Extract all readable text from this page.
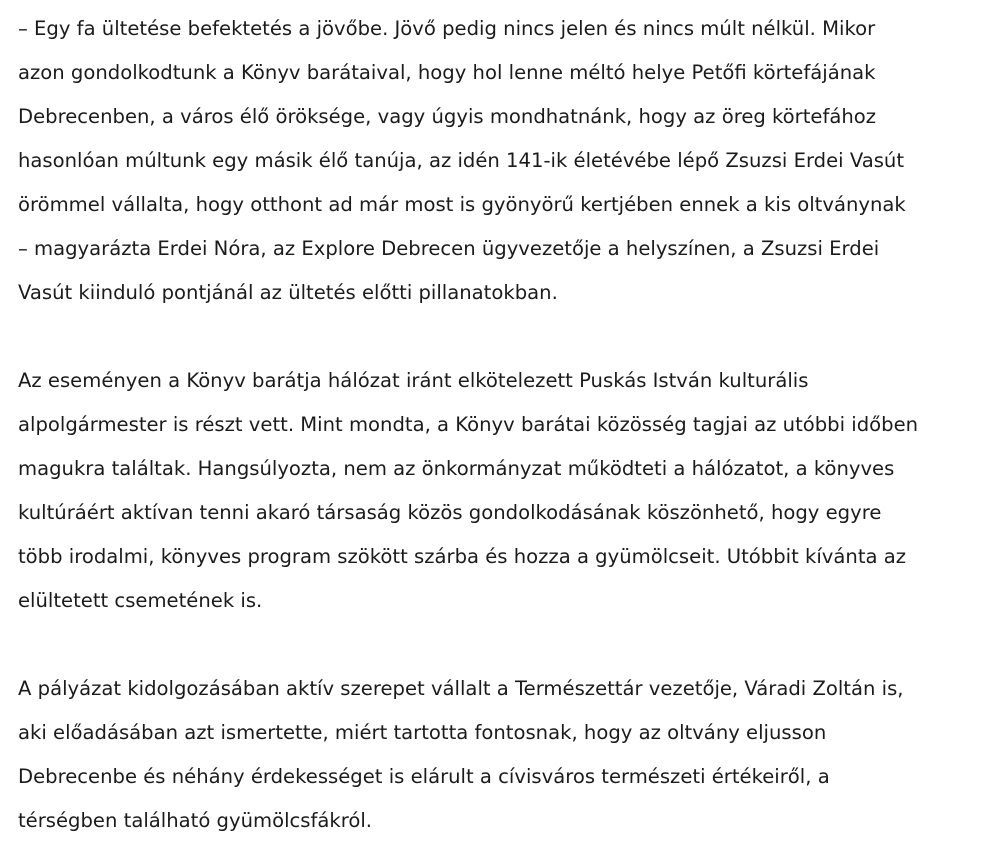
– Egy fa ültetése befektetés a jövőbe. Jövő pedig nincs jelen és nincs múlt nélkül. Mikor
azon gondolkodtunk a Könyv barátaival, hogy hol lenne méltó helye Petőfi körtefájának
Debrecenben, a város élő öröksége, vagy úgyis mondhatnánk, hogy az öreg körtefához
hasonlóan múltunk egy másik élő tanúja, az idén 141-ik életévébe lépő Zsuzsi Erdei Vasút
örömmel vállalta, hogy otthont ad már most is gyönyörű kertjében ennek a kis oltványnak
– magyarázta Erdei Nóra, az Explore Debrecen ügyvezetője a helyszínen, a Zsuzsi Erdei
Vasút kiinduló pontjánál az ültetés előtti pillanatokban.

Az eseményen a Könyv barátja hálózat iránt elkötelezett Puskás István kulturális
alpolgármester is részt vett. Mint mondta, a Könyv barátai közösség tagjai az utóbbi időben
magukra találtak. Hangsúlyozta, nem az önkormányzat működteti a hálózatot, a könyves
kultúráért aktívan tenni akaró társaság közös gondolkodásának köszönhető, hogy egyre
több irodalmi, könyves program szökött szárba és hozza a gyümölcseit. Utóbbit kívánta az
elültetett csemetének is.

A pályázat kidolgozásában aktív szerepet vállalt a Természettár vezetője, Váradi Zoltán is,
aki előadásában azt ismertette, miért tartotta fontosnak, hogy az oltvány eljusson
Debrecenbe és néhány érdekességet is elárult a cívisváros természeti értékeiről, a
térségben található gyümölcsfákról.
